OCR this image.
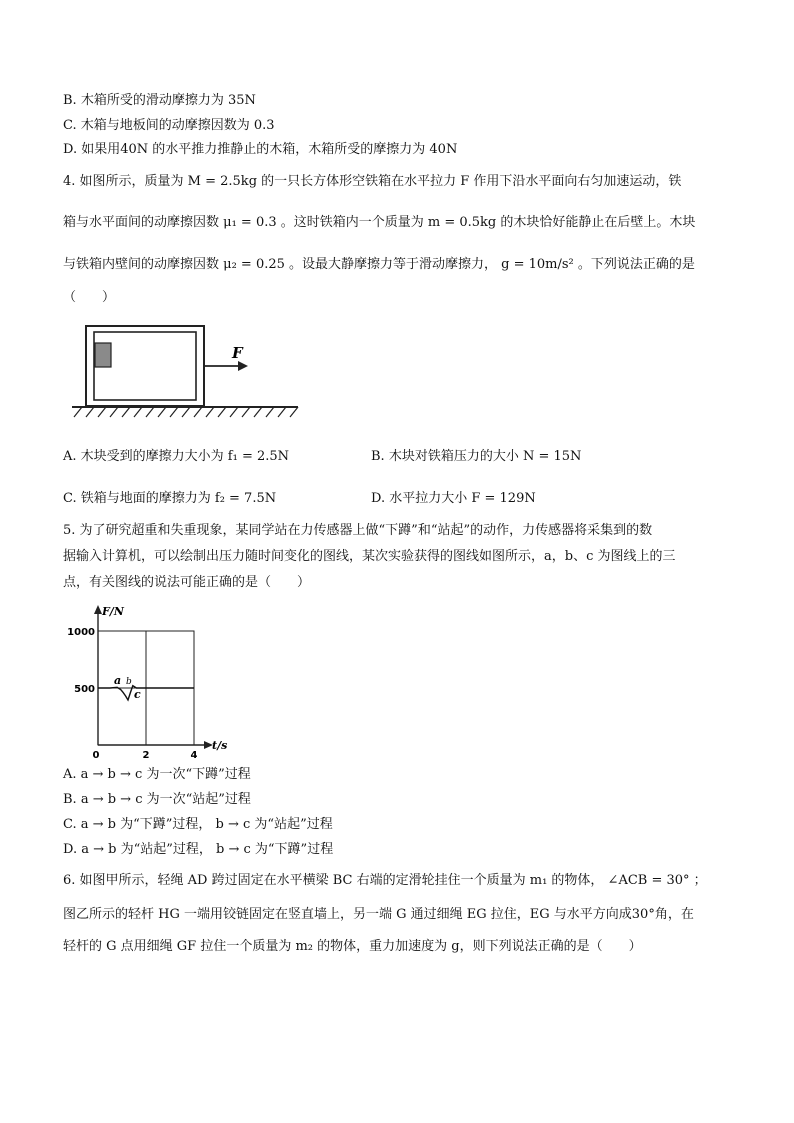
B. 木箱所受的滑动摩擦力为 35N
C. 木箱与地板间的动摩擦因数为 0.3
D. 如果用40N 的水平推力推静止的木箱，木箱所受的摩擦力为 40N
4. 如图所示，质量为 M = 2.5kg 的一只长方体形空铁箱在水平拉力 F 作用下沿水平面向右匀加速运动，铁
箱与水平面间的动摩擦因数 μ₁ = 0.3 。这时铁箱内一个质量为 m = 0.5kg 的木块恰好能静止在后壁上。木块
与铁箱内壁间的动摩擦因数 μ₂ = 0.25 。设最大静摩擦力等于滑动摩擦力， g = 10m/s² 。下列说法正确的是
（　　）
F
A. 木块受到的摩擦力大小为 f₁ = 2.5N	B. 木块对铁箱压力的大小 N = 15N
C. 铁箱与地面的摩擦力为 f₂ = 7.5N	D. 水平拉力大小 F = 129N
5. 为了研究超重和失重现象，某同学站在力传感器上做“下蹲”和“站起”的动作，力传感器将采集到的数
据输入计算机，可以绘制出压力随时间变化的图线，某次实验获得的图线如图所示，a，b、c 为图线上的三
点，有关图线的说法可能正确的是（　　）
F/N
t/s
1000
500
0	2	4
a b
c
A. a → b → c 为一次“下蹲”过程
B. a → b → c 为一次“站起”过程
C. a → b 为“下蹲”过程， b → c 为“站起”过程
D. a → b 为“站起”过程， b → c 为“下蹲”过程
6. 如图甲所示，轻绳 AD 跨过固定在水平横梁 BC 右端的定滑轮挂住一个质量为 m₁ 的物体， ∠ACB = 30° ；
图乙所示的轻杆 HG 一端用铰链固定在竖直墙上，另一端 G 通过细绳 EG 拉住，EG 与水平方向成30°角，在
轻杆的 G 点用细绳 GF 拉住一个质量为 m₂ 的物体，重力加速度为 g，则下列说法正确的是（　　）
